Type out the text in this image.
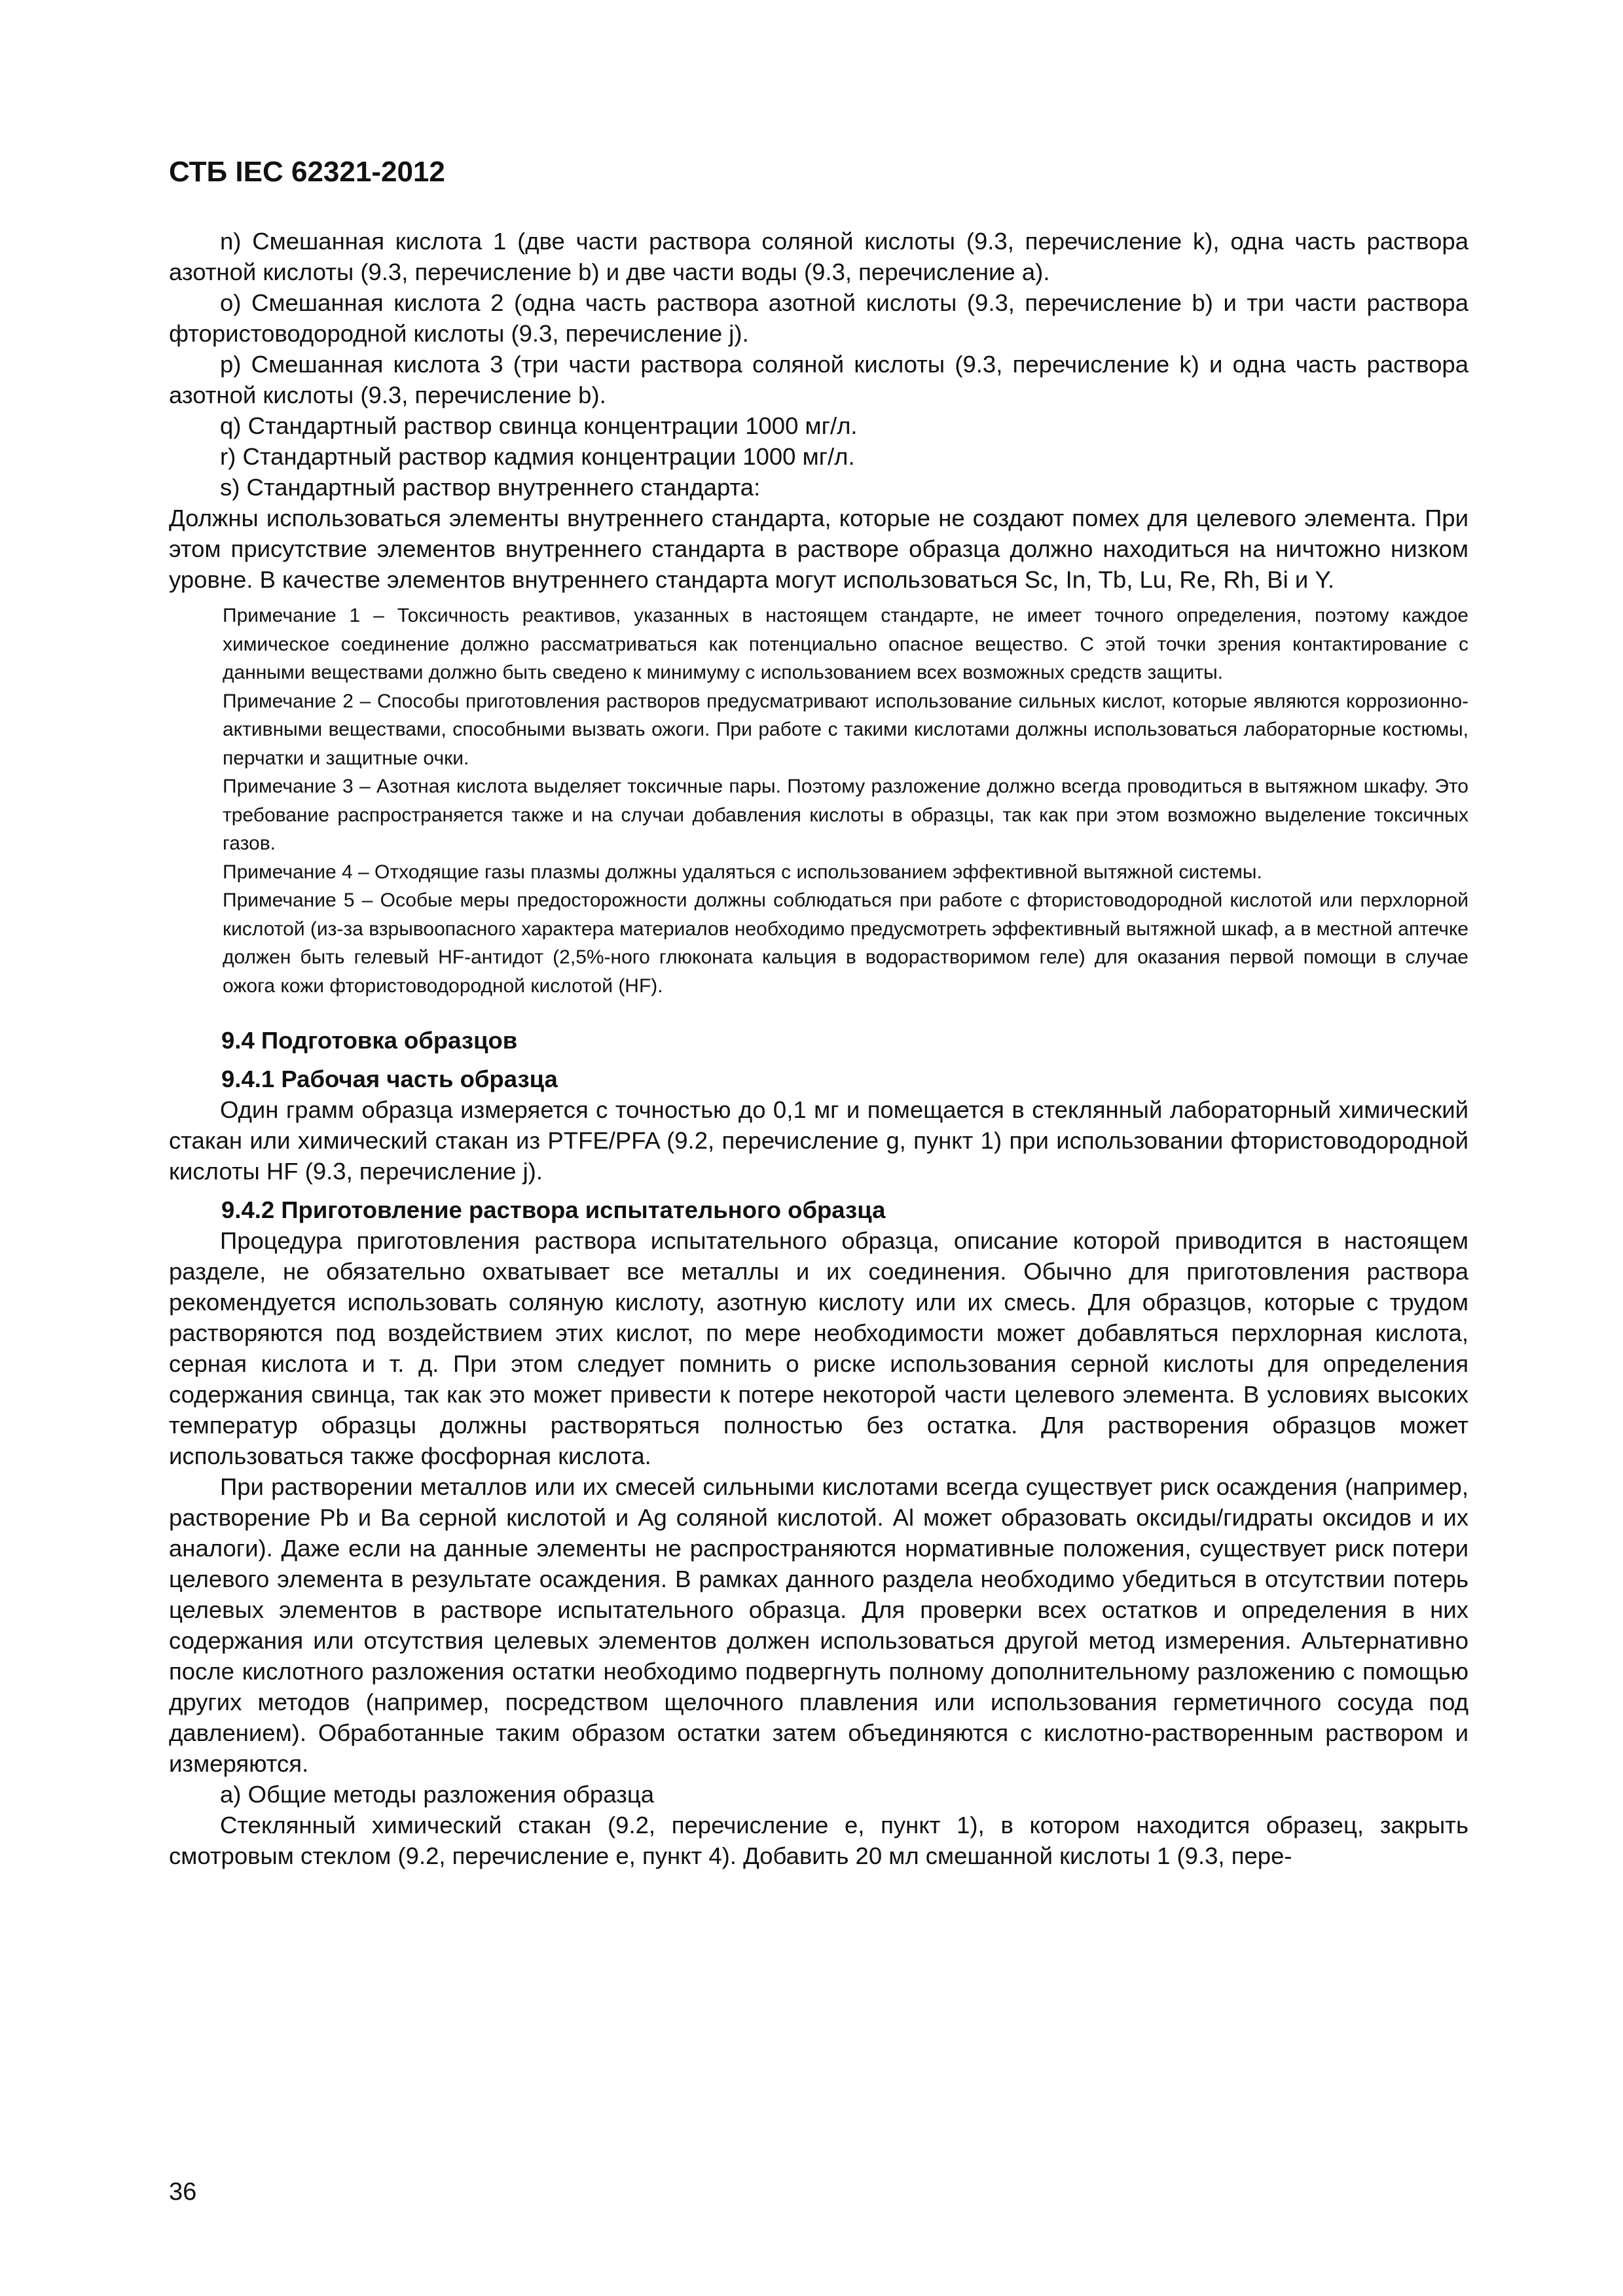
СТБ IEC 62321-2012

n) Смешанная кислота 1 (две части раствора соляной кислоты (9.3, перечисление k), одна часть раствора азотной кислоты (9.3, перечисление b) и две части воды (9.3, перечисление a).

o) Смешанная кислота 2 (одна часть раствора азотной кислоты (9.3, перечисление b) и три части раствора фтористоводородной кислоты (9.3, перечисление j).

p) Смешанная кислота 3 (три части раствора соляной кислоты (9.3, перечисление k) и одна часть раствора азотной кислоты (9.3, перечисление b).

q) Стандартный раствор свинца концентрации 1000 мг/л.

r) Стандартный раствор кадмия концентрации 1000 мг/л.

s) Стандартный раствор внутреннего стандарта:

Должны использоваться элементы внутреннего стандарта, которые не создают помех для целевого элемента. При этом присутствие элементов внутреннего стандарта в растворе образца должно находиться на ничтожно низком уровне. В качестве элементов внутреннего стандарта могут использоваться Sc, In, Tb, Lu, Re, Rh, Bi и Y.

Примечание 1 – Токсичность реактивов, указанных в настоящем стандарте, не имеет точного определения, поэтому каждое химическое соединение должно рассматриваться как потенциально опасное вещество. С этой точки зрения контактирование с данными веществами должно быть сведено к минимуму с использованием всех возможных средств защиты.

Примечание 2 – Способы приготовления растворов предусматривают использование сильных кислот, которые являются коррозионно-активными веществами, способными вызвать ожоги. При работе с такими кислотами должны использоваться лабораторные костюмы, перчатки и защитные очки.

Примечание 3 – Азотная кислота выделяет токсичные пары. Поэтому разложение должно всегда проводиться в вытяжном шкафу. Это требование распространяется также и на случаи добавления кислоты в образцы, так как при этом возможно выделение токсичных газов.

Примечание 4 – Отходящие газы плазмы должны удаляться с использованием эффективной вытяжной системы.

Примечание 5 – Особые меры предосторожности должны соблюдаться при работе с фтористоводородной кислотой или перхлорной кислотой (из-за взрывоопасного характера материалов необходимо предусмотреть эффективный вытяжной шкаф, а в местной аптечке должен быть гелевый HF-антидот (2,5%-ного глюконата кальция в водорастворимом геле) для оказания первой помощи в случае ожога кожи фтористоводородной кислотой (HF).

9.4 Подготовка образцов
9.4.1 Рабочая часть образца

Один грамм образца измеряется с точностью до 0,1 мг и помещается в стеклянный лабораторный химический стакан или химический стакан из PTFE/PFA (9.2, перечисление g, пункт 1) при использовании фтористоводородной кислоты HF (9.3, перечисление j).

9.4.2 Приготовление раствора испытательного образца

Процедура приготовления раствора испытательного образца, описание которой приводится в настоящем разделе, не обязательно охватывает все металлы и их соединения. Обычно для приготовления раствора рекомендуется использовать соляную кислоту, азотную кислоту или их смесь. Для образцов, которые с трудом растворяются под воздействием этих кислот, по мере необходимости может добавляться перхлорная кислота, серная кислота и т. д. При этом следует помнить о риске использования серной кислоты для определения содержания свинца, так как это может привести к потере некоторой части целевого элемента. В условиях высоких температур образцы должны растворяться полностью без остатка. Для растворения образцов может использоваться также фосфорная кислота.

При растворении металлов или их смесей сильными кислотами всегда существует риск осаждения (например, растворение Pb и Ba серной кислотой и Ag соляной кислотой. Al может образовать оксиды/гидраты оксидов и их аналоги). Даже если на данные элементы не распространяются нормативные положения, существует риск потери целевого элемента в результате осаждения. В рамках данного раздела необходимо убедиться в отсутствии потерь целевых элементов в растворе испытательного образца. Для проверки всех остатков и определения в них содержания или отсутствия целевых элементов должен использоваться другой метод измерения. Альтернативно после кислотного разложения остатки необходимо подвергнуть полному дополнительному разложению с помощью других методов (например, посредством щелочного плавления или использования герметичного сосуда под давлением). Обработанные таким образом остатки затем объединяются с кислотно-растворенным раствором и измеряются.

a) Общие методы разложения образца

Стеклянный химический стакан (9.2, перечисление e, пункт 1), в котором находится образец, закрыть смотровым стеклом (9.2, перечисление e, пункт 4). Добавить 20 мл смешанной кислоты 1 (9.3, пере-

36
